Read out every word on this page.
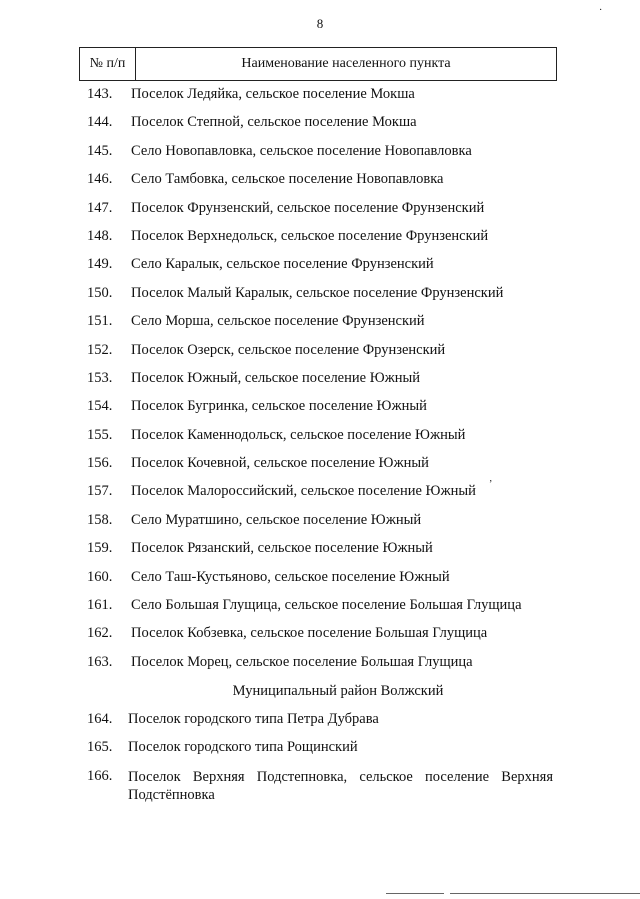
8
·
№ п/п	Наименование населенного пункта
143. Поселок Ледяйка, сельское поселение Мокша
144. Поселок Степной, сельское поселение Мокша
145. Село Новопавловка, сельское поселение Новопавловка
146. Село Тамбовка, сельское поселение Новопавловка
147. Поселок Фрунзенский, сельское поселение Фрунзенский
148. Поселок Верхнедольск, сельское поселение Фрунзенский
149. Село Каралык, сельское поселение Фрунзенский
150. Поселок Малый Каралык, сельское поселение Фрунзенский
151. Село Морша, сельское поселение Фрунзенский
152. Поселок Озерск, сельское поселение Фрунзенский
153. Поселок Южный, сельское поселение Южный
154. Поселок Бугринка, сельское поселение Южный
155. Поселок Каменнодольск, сельское поселение Южный
156. Поселок Кочевной, сельское поселение Южный
157. Поселок Малороссийский, сельское поселение Южный
158. Село Муратшино, сельское поселение Южный
159. Поселок Рязанский, сельское поселение Южный
160. Село Таш-Кустьяново, сельское поселение Южный
161. Село Большая Глущица, сельское поселение Большая Глущица
162. Поселок Кобзевка, сельское поселение Большая Глущица
163. Поселок Морец, сельское поселение Большая Глущица
Муниципальный район Волжский
164. Поселок городского типа Петра Дубрава
165. Поселок городского типа Рощинский
166. Поселок Верхняя Подстепновка, сельское поселение Верхняя Подстёпновка
ʼ
